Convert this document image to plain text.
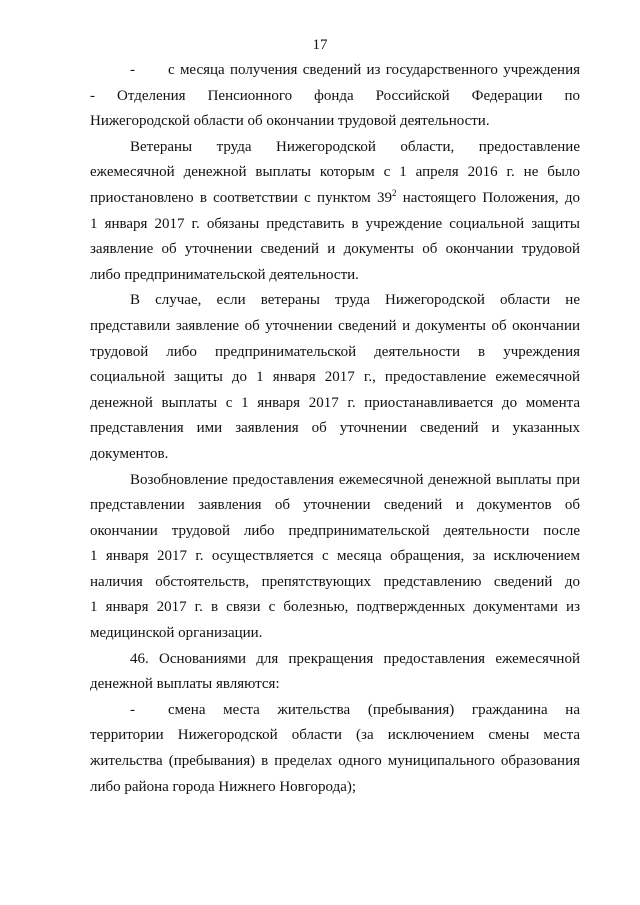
17
-	с месяца получения сведений из государственного учреждения
- Отделения Пенсионного фонда Российской Федерации по
Нижегородской области об окончании трудовой деятельности.
Ветераны труда Нижегородской области, предоставление
ежемесячной денежной выплаты которым с 1 апреля 2016 г. не было
приостановлено в соответствии с пунктом $39^2$ настоящего Положения, до
1 января 2017 г. обязаны представить в учреждение социальной защиты
заявление об уточнении сведений и документы об окончании трудовой
либо предпринимательской деятельности.
В случае, если ветераны труда Нижегородской области не
представили заявление об уточнении сведений и документы об окончании
трудовой либо предпринимательской деятельности в учреждения
социальной защиты до 1 января 2017 г., предоставление ежемесячной
денежной выплаты с 1 января 2017 г. приостанавливается до момента
представления ими заявления об уточнении сведений и указанных
документов.
Возобновление предоставления ежемесячной денежной выплаты при
представлении заявления об уточнении сведений и документов об
окончании трудовой либо предпринимательской деятельности после
1 января 2017 г. осуществляется с месяца обращения, за исключением
наличия обстоятельств, препятствующих представлению сведений до
1 января 2017 г. в связи с болезнью, подтвержденных документами из
медицинской организации.
46. Основаниями для прекращения предоставления ежемесячной
денежной выплаты являются:
-	смена места жительства (пребывания) гражданина на
территории Нижегородской области (за исключением смены места
жительства (пребывания) в пределах одного муниципального образования
либо района города Нижнего Новгорода);
